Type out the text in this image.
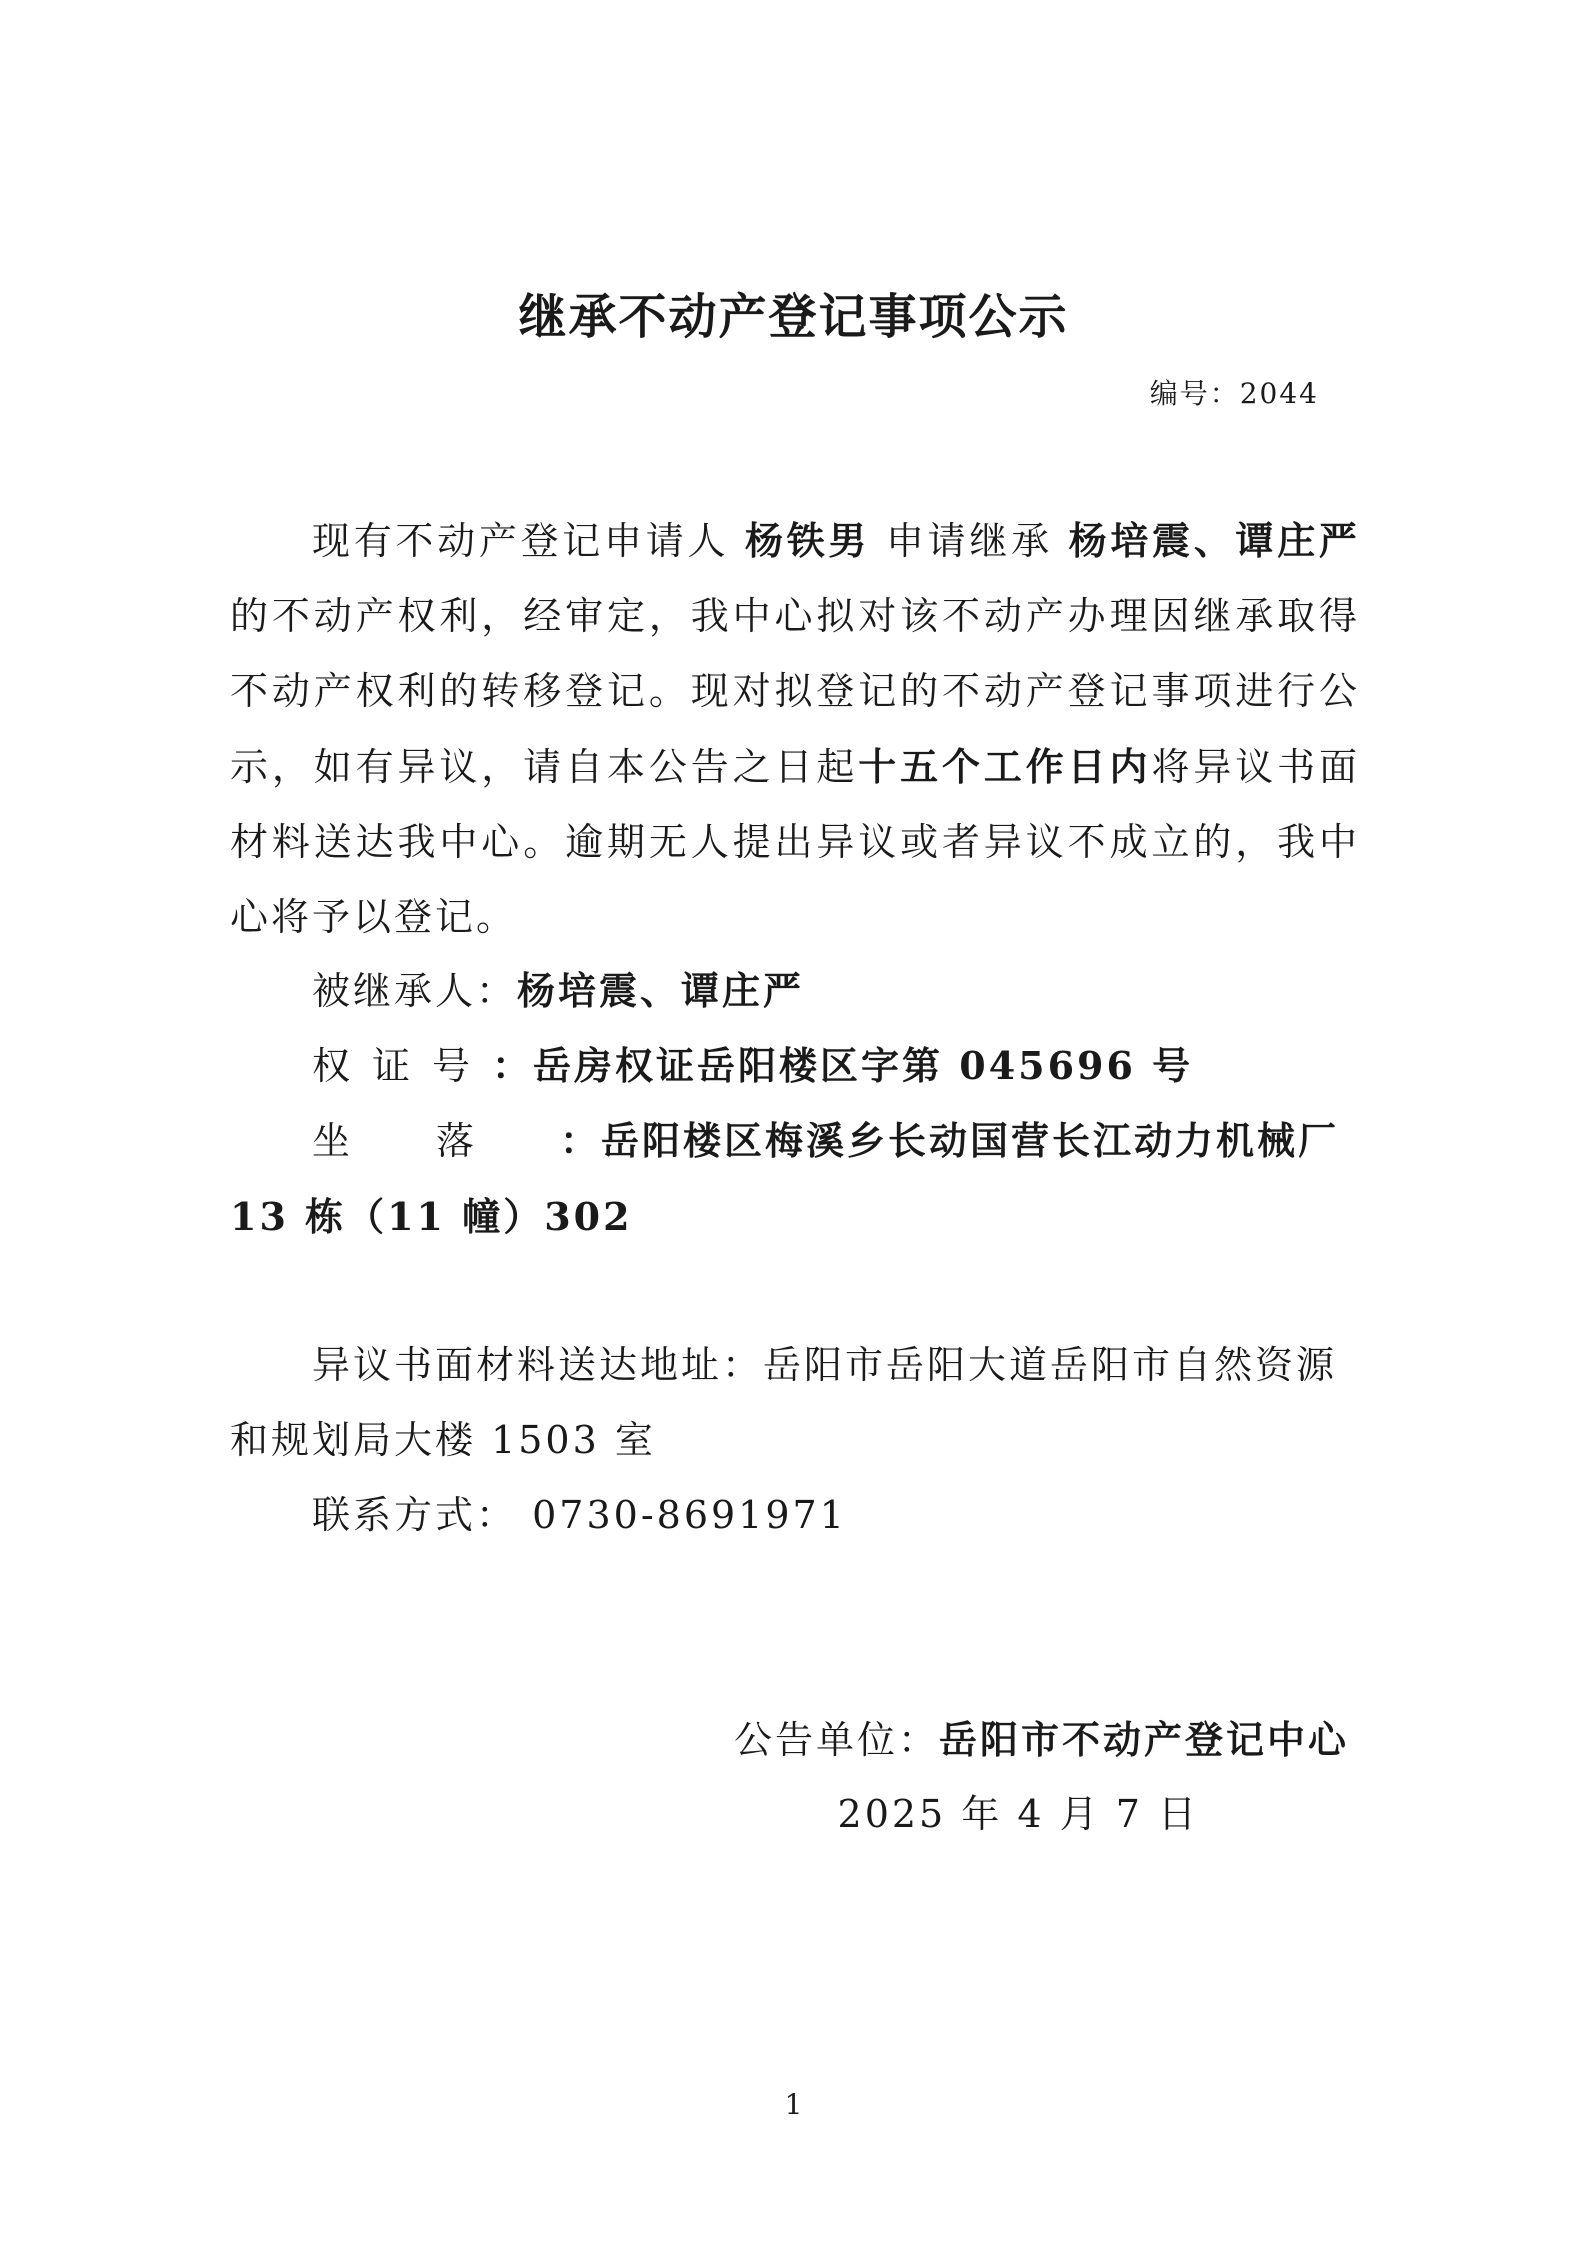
继承不动产登记事项公示
编号：2044
现有不动产登记申请人 杨铁男 申请继承 杨培震、谭庄严的不动产权利，经审定，我中心拟对该不动产办理因继承取得不动产权利的转移登记。现对拟登记的不动产登记事项进行公示，如有异议，请自本公告之日起十五个工作日内将异议书面材料送达我中心。逾期无人提出异议或者异议不成立的，我中心将予以登记。
被继承人：杨培震、谭庄严
权证号：岳房权证岳阳楼区字第 045696 号
坐落：岳阳楼区梅溪乡长动国营长江动力机械厂 13 栋（11 幢）302
异议书面材料送达地址：岳阳市岳阳大道岳阳市自然资源和规划局大楼 1503 室
联系方式： 0730-8691971
公告单位：岳阳市不动产登记中心
2025 年 4 月 7 日
1
